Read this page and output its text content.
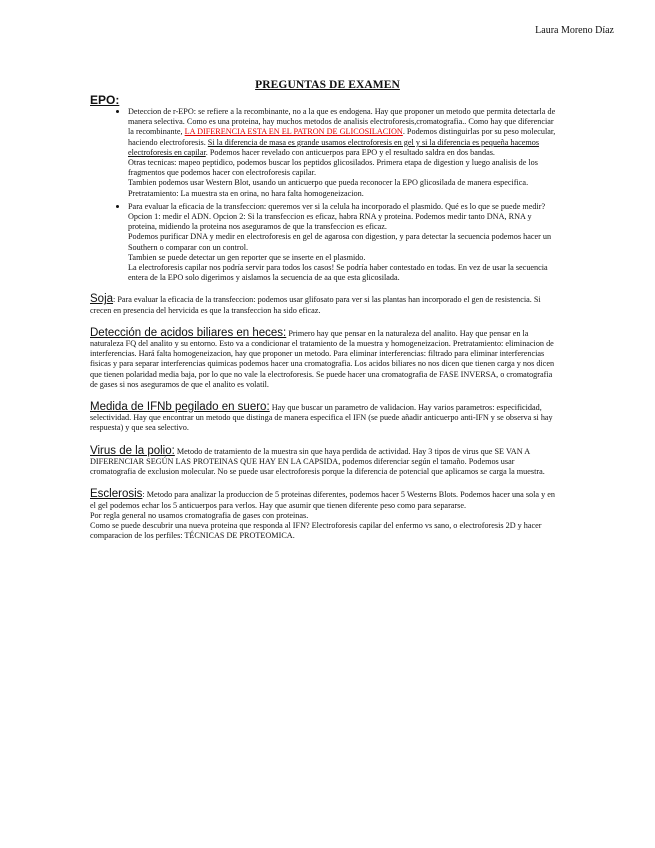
Laura Moreno Díaz
PREGUNTAS DE EXAMEN
EPO:

• Deteccion de r-EPO: se refiere a la recombinante, no a la que es endogena. Hay que proponer un metodo que permita detectarla de manera selectiva. Como es una proteina, hay muchos metodos de analisis electroforesis,cromatografia.. Como hay que diferenciar la recombinante, LA DIFERENCIA ESTA EN EL PATRON DE GLICOSILACION. Podemos distinguirlas por su peso molecular, haciendo electroforesis. Si la diferencia de masa es grande usamos electroforesis en gel y si la diferencia es pequeña hacemos electroforesis en capilar. Podemos hacer revelado con anticuerpos para EPO y el resultado saldra en dos bandas.

Otras tecnicas: mapeo peptidico, podemos buscar los peptidos glicosilados. Primera etapa de digestion y luego analisis de los fragmentos que podemos hacer con electroforesis capilar.

Tambien podemos usar Western Blot, usando un anticuerpo que pueda reconocer la EPO glicosilada de manera especifica.

Pretratamiento: La muestra sta en orina, no hara falta homogeneizacion.

• Para evaluar la eficacia de la transfeccion: queremos ver si la celula ha incorporado el plasmido. Qué es lo que se puede medir? Opcion 1: medir el ADN. Opcion 2: Si la transfeccion es eficaz, habra RNA y proteina. Podemos medir tanto DNA, RNA y proteina, midiendo la proteina nos aseguramos de que la transfeccion es eficaz.

Podemos purificar DNA y medir en electroforesis en gel de agarosa con digestion, y para detectar la secuencia podemos hacer un Southern o comparar con un control.

Tambien se puede detectar un gen reporter que se inserte en el plasmido.

La electroforesis capilar nos podría servir para todos los casos! Se podría haber contestado en todas. En vez de usar la secuencia entera de la EPO solo digerimos y aislamos la secuencia de aa que esta glicosilada.

Soja: Para evaluar la eficacia de la transfeccion: podemos usar glifosato para ver si las plantas han incorporado el gen de resistencia. Si crecen en presencia del hervicida es que la transfeccion ha sido eficaz.

Detección de acidos biliares en heces: Primero hay que pensar en la naturaleza del analito. Hay que pensar en la naturaleza FQ del analito y su entorno. Esto va a condicionar el tratamiento de la muestra y homogeneizacion. Pretratamiento: eliminacion de interferencias. Hará falta homogeneizacion, hay que proponer un metodo. Para eliminar interferencias: filtrado para eliminar interferencias fisicas y para separar interferencias quimicas podemos hacer una cromatografia. Los acidos biliares no nos dicen que tienen carga y nos dicen que tienen polaridad media baja, por lo que no vale la electroforesis. Se puede hacer una cromatografia de FASE INVERSA, o cromatografia de gases si nos aseguramos de que el analito es volatil.

Medida de IFNb pegilado en suero: Hay que buscar un parametro de validacion. Hay varios parametros: especificidad, selectividad. Hay que encontrar un metodo que distinga de manera especifica el IFN (se puede añadir anticuerpo anti-IFN y se observa si hay respuesta) y que sea selectivo.

Virus de la polio: Metodo de tratamiento de la muestra sin que haya perdida de actividad. Hay 3 tipos de virus que SE VAN A DIFERENCIAR SEGÚN LAS PROTEINAS QUE HAY EN LA CAPSIDA, podemos diferenciar según el tamaño. Podemos usar cromatografia de exclusion molecular. No se puede usar electroforesis porque la diferencia de potencial que aplicamos se carga la muestra.

Esclerosis: Metodo para analizar la produccion de 5 proteinas diferentes, podemos hacer 5 Westerns Blots. Podemos hacer una sola y en el gel podemos echar los 5 anticuerpos para verlos. Hay que asumir que tienen diferente peso como para separarse.

Por regla general no usamos cromatografia de gases con proteinas.

Como se puede descubrir una nueva proteina que responda al IFN? Electroforesis capilar del enfermo vs sano, o electroforesis 2D y hacer comparacion de los perfiles: TÉCNICAS DE PROTEOMICA.
